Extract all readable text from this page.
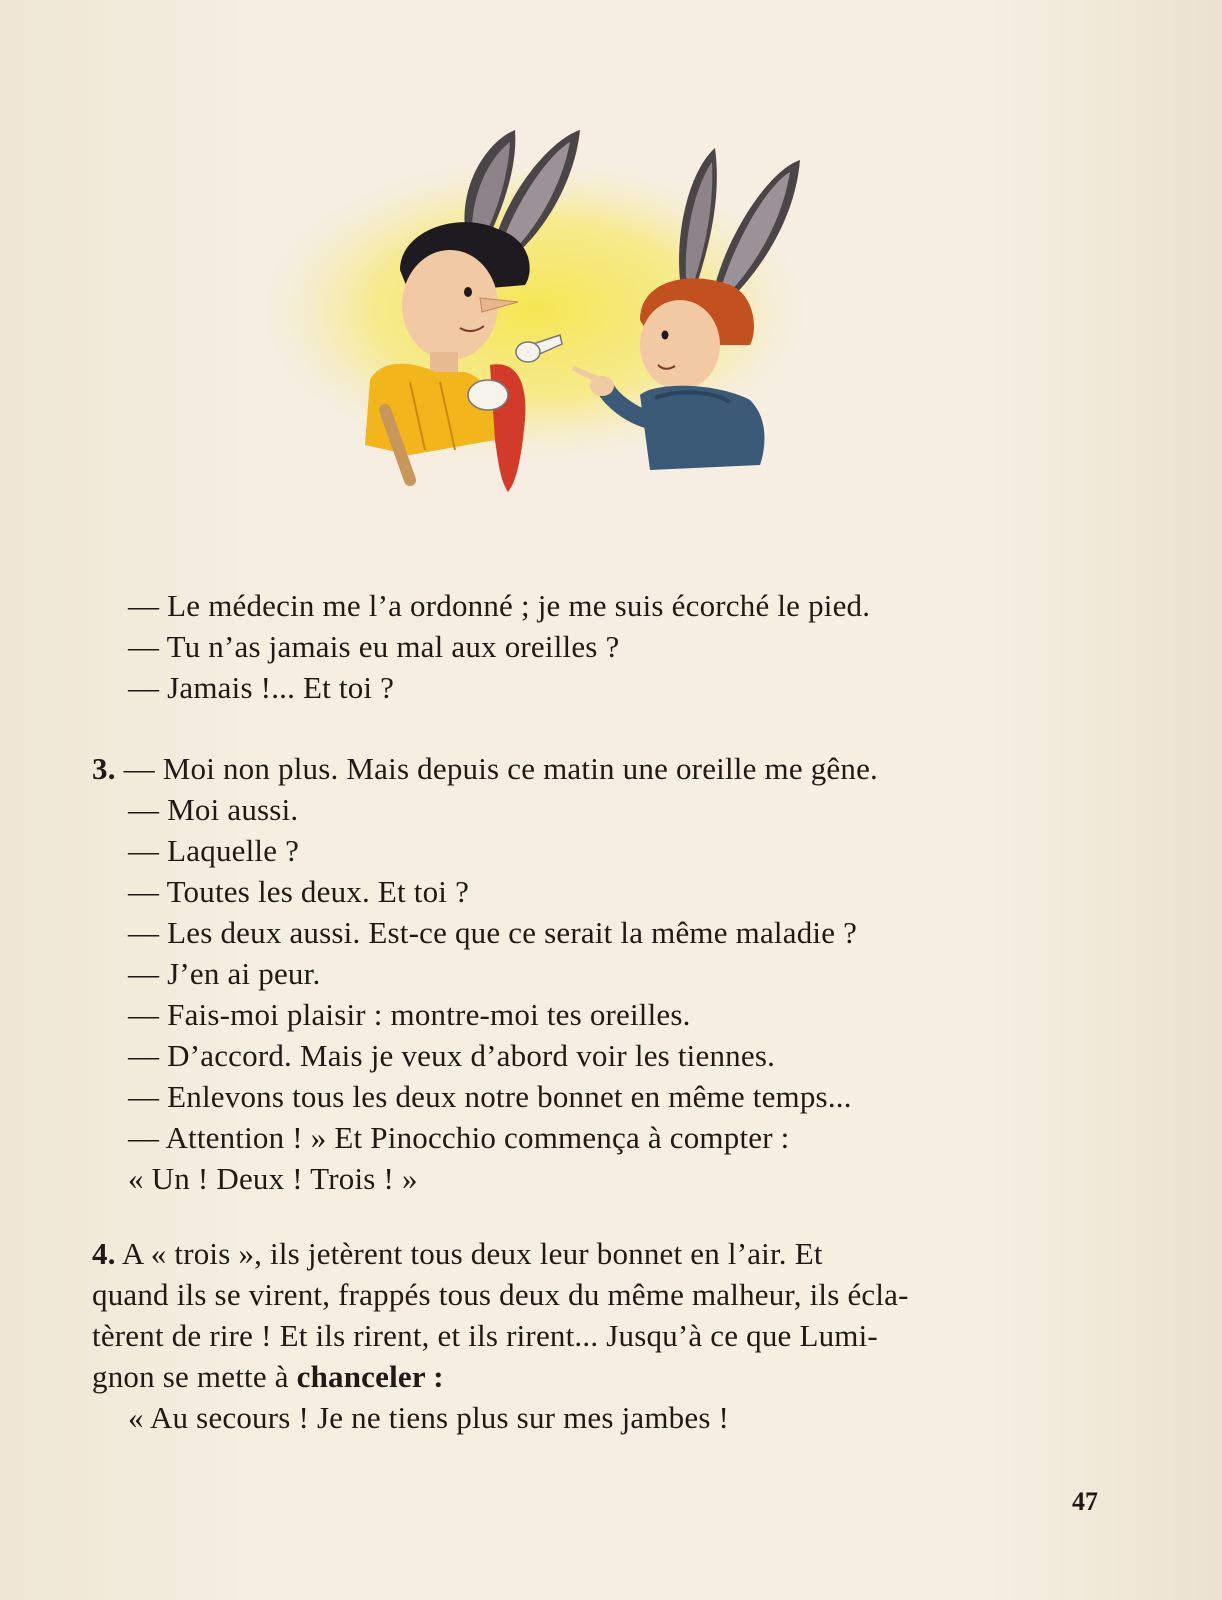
— Le médecin me l’a ordonné ; je me suis écorché le pied.
— Tu n’as jamais eu mal aux oreilles ?
— Jamais !... Et toi ?
3. — Moi non plus. Mais depuis ce matin une oreille me gêne.
— Moi aussi.
— Laquelle ?
— Toutes les deux. Et toi ?
— Les deux aussi. Est-ce que ce serait la même maladie ?
— J’en ai peur.
— Fais-moi plaisir : montre-moi tes oreilles.
— D’accord. Mais je veux d’abord voir les tiennes.
— Enlevons tous les deux notre bonnet en même temps...
— Attention ! » Et Pinocchio commença à compter :
« Un ! Deux ! Trois ! »
4. A « trois », ils jetèrent tous deux leur bonnet en l’air. Et
quand ils se virent, frappés tous deux du même malheur, ils écla-
tèrent de rire ! Et ils rirent, et ils rirent... Jusqu’à ce que Lumi-
gnon se mette à chanceler :
« Au secours ! Je ne tiens plus sur mes jambes !
47
